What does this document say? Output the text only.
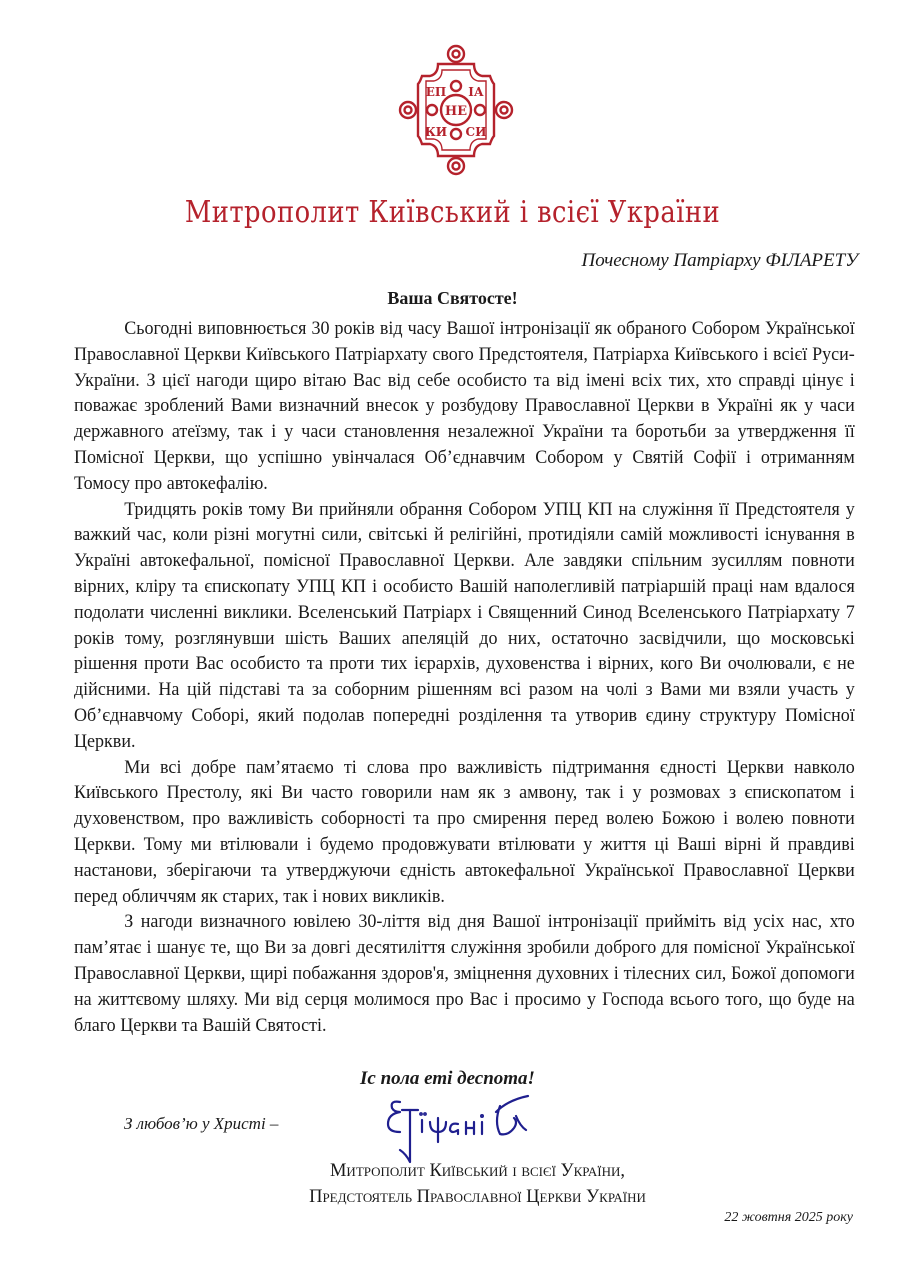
ЕП ІА
КИ СИ
НЕ
Митрополит Київський і всієї України
Почесному Патріарху ФІЛАРЕТУ
Ваша Святосте!

Сьогодні виповнюється 30 років від часу Вашої інтронізації як обраного Собором Української Православної Церкви Київського Патріархату свого Предстоятеля, Патріарха Київського і всієї Руси-України. З цієї нагоди щиро вітаю Вас від себе особисто та від імені всіх тих, хто справді цінує і поважає зроблений Вами визначний внесок у розбудову Православної Церкви в Україні як у часи державного атеїзму, так і у часи становлення незалежної України та боротьби за утвердження її Помісної Церкви, що успішно увінчалася Об’єднавчим Собором у Святій Софії і отриманням Томосу про автокефалію.

Тридцять років тому Ви прийняли обрання Собором УПЦ КП на служіння її Предстоятеля у важкий час, коли різні могутні сили, світські й релігійні, протидіяли самій можливості існування в Україні автокефальної, помісної Православної Церкви. Але завдяки спільним зусиллям повноти вірних, кліру та єпископату УПЦ КП і особисто Вашій наполегливій патріаршій праці нам вдалося подолати численні виклики. Вселенський Патріарх і Священний Синод Вселенського Патріархату 7 років тому, розглянувши шість Ваших апеляцій до них, остаточно засвідчили, що московські рішення проти Вас особисто та проти тих ієрархів, духовенства і вірних, кого Ви очолювали, є не дійсними. На цій підставі та за соборним рішенням всі разом на чолі з Вами ми взяли участь у Об’єднавчому Соборі, який подолав попередні розділення та утворив єдину структуру Помісної Церкви.

Ми всі добре пам’ятаємо ті слова про важливість підтримання єдності Церкви навколо Київського Престолу, які Ви часто говорили нам як з амвону, так і у розмовах з єпископатом і духовенством, про важливість соборності та про смирення перед волею Божою і волею повноти Церкви. Тому ми втілювали і будемо продовжувати втілювати у життя ці Ваші вірні й правдиві настанови, зберігаючи та утверджуючи єдність автокефальної Української Православної Церкви перед обличчям як старих, так і нових викликів.

З нагоди визначного ювілею 30-ліття від дня Вашої інтронізації прийміть від усіх нас, хто пам’ятає і шанує те, що Ви за довгі десятиліття служіння зробили доброго для помісної Української Православної Церкви, щирі побажання здоров'я, зміцнення духовних і тілесних сил, Божої допомоги на життєвому шляху. Ми від серця молимося про Вас і просимо у Господа всього того, що буде на благо Церкви та Вашій Святості.

Іс пола еті деспота!
З любов’ю у Христі –
Митрополит Київський і всієї України,
Предстоятель Православної Церкви України
22 жовтня 2025 року
